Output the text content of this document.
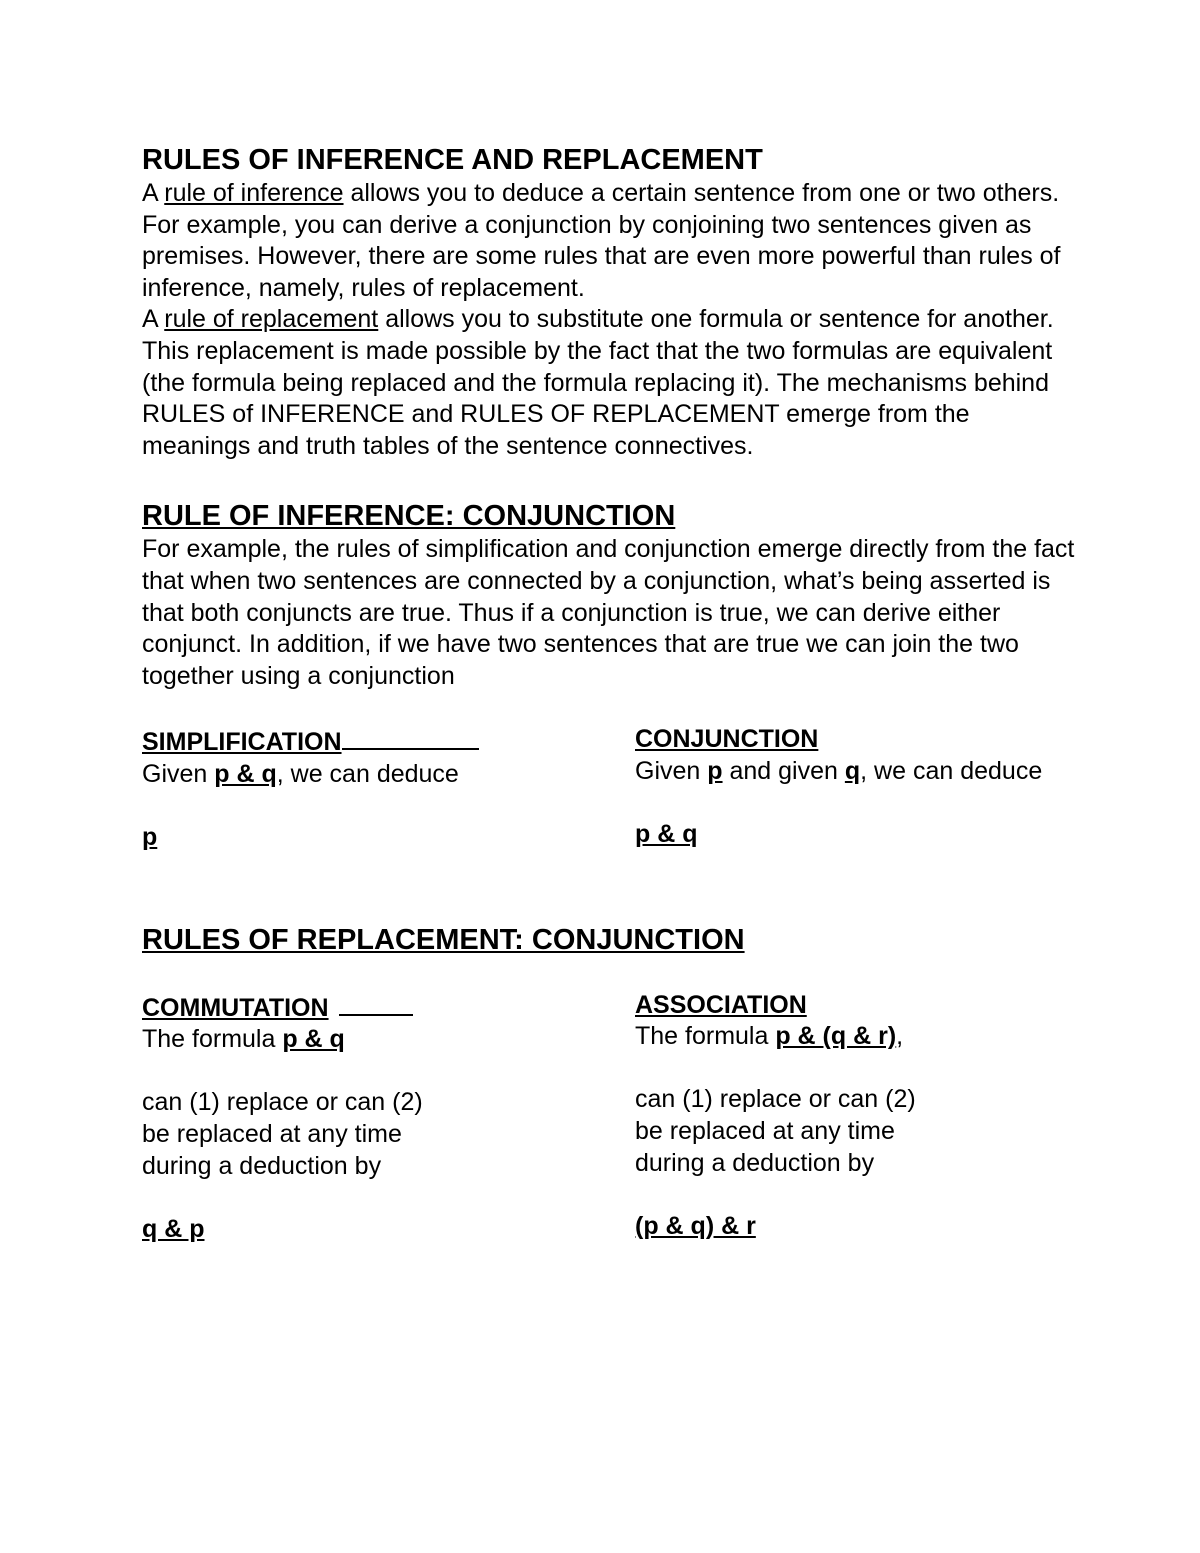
RULES OF INFERENCE AND REPLACEMENT

A rule of inference allows you to deduce a certain sentence from one or two others. For example, you can derive a conjunction by conjoining two sentences given as premises. However, there are some rules that are even more powerful than rules of inference, namely, rules of replacement.

A rule of replacement allows you to substitute one formula or sentence for another. This replacement is made possible by the fact that the two formulas are equivalent (the formula being replaced and the formula replacing it). The mechanisms behind RULES of INFERENCE and RULES OF REPLACEMENT emerge from the meanings and truth tables of the sentence connectives.

RULE OF INFERENCE: CONJUNCTION

For example, the rules of simplification and conjunction emerge directly from the fact that when two sentences are connected by a conjunction, what’s being asserted is that both conjuncts are true. Thus if a conjunction is true, we can derive either conjunct. In addition, if we have two sentences that are true we can join the two together using a conjunction

SIMPLIFICATION
Given p & q, we can deduce
p
CONJUNCTION
Given p and given q, we can deduce
p & q
RULES OF REPLACEMENT: CONJUNCTION
COMMUTATION
The formula p & q
can (1) replace or can (2)
be replaced at any time
during a deduction by
q & p
ASSOCIATION
The formula p & (q & r),
can (1) replace or can (2)
be replaced at any time
during a deduction by
(p & q) & r
